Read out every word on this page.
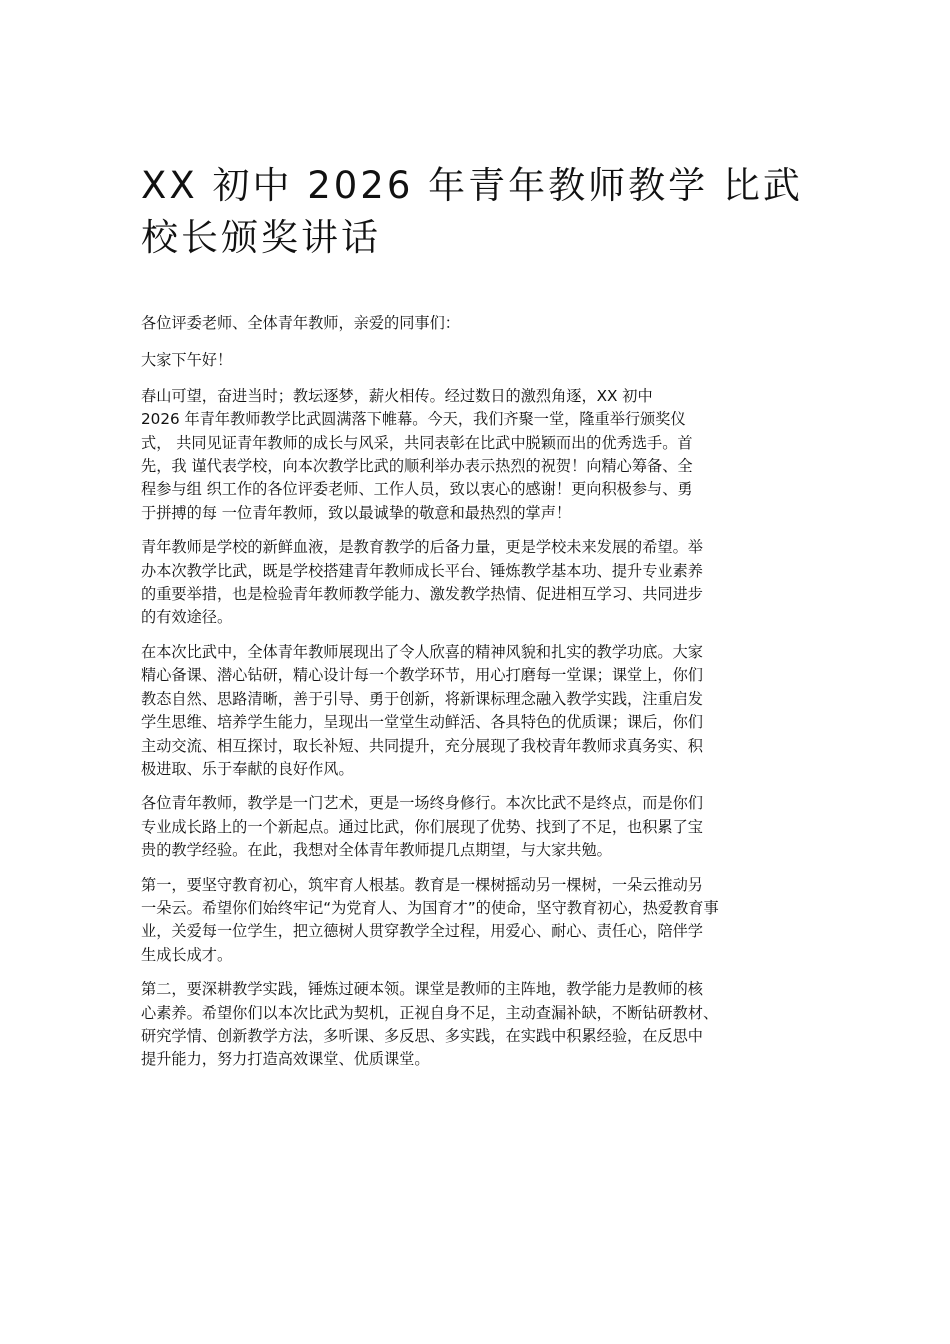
XX 初中 2026 年青年教师教学 比武
校长颁奖讲话

各位评委老师、全体青年教师，亲爱的同事们：

大家下午好！

春山可望，奋进当时；教坛逐梦，薪火相传。经过数日的激烈角逐，XX 初中
2026 年青年教师教学比武圆满落下帷幕。今天，我们齐聚一堂，隆重举行颁奖仪
式， 共同见证青年教师的成长与风采，共同表彰在比武中脱颖而出的优秀选手。首
先，我 谨代表学校，向本次教学比武的顺利举办表示热烈的祝贺！向精心筹备、全
程参与组 织工作的各位评委老师、工作人员，致以衷心的感谢！更向积极参与、勇
于拼搏的每 一位青年教师，致以最诚挚的敬意和最热烈的掌声！

青年教师是学校的新鲜血液，是教育教学的后备力量，更是学校未来发展的希望。举
办本次教学比武，既是学校搭建青年教师成长平台、锤炼教学基本功、提升专业素养
的重要举措，也是检验青年教师教学能力、激发教学热情、促进相互学习、共同进步
的有效途径。

在本次比武中，全体青年教师展现出了令人欣喜的精神风貌和扎实的教学功底。大家
精心备课、潜心钻研，精心设计每一个教学环节，用心打磨每一堂课；课堂上，你们
教态自然、思路清晰，善于引导、勇于创新，将新课标理念融入教学实践，注重启发
学生思维、培养学生能力，呈现出一堂堂生动鲜活、各具特色的优质课；课后，你们
主动交流、相互探讨，取长补短、共同提升，充分展现了我校青年教师求真务实、积
极进取、乐于奉献的良好作风。

各位青年教师，教学是一门艺术，更是一场终身修行。本次比武不是终点，而是你们
专业成长路上的一个新起点。通过比武，你们展现了优势、找到了不足，也积累了宝
贵的教学经验。在此，我想对全体青年教师提几点期望，与大家共勉。

第一，要坚守教育初心，筑牢育人根基。教育是一棵树摇动另一棵树，一朵云推动另
一朵云。希望你们始终牢记“为党育人、为国育才”的使命，坚守教育初心，热爱教育事
业，关爱每一位学生，把立德树人贯穿教学全过程，用爱心、耐心、责任心，陪伴学
生成长成才。

第二，要深耕教学实践，锤炼过硬本领。课堂是教师的主阵地，教学能力是教师的核
心素养。希望你们以本次比武为契机，正视自身不足，主动查漏补缺，不断钻研教材、
研究学情、创新教学方法，多听课、多反思、多实践，在实践中积累经验，在反思中
提升能力，努力打造高效课堂、优质课堂。
